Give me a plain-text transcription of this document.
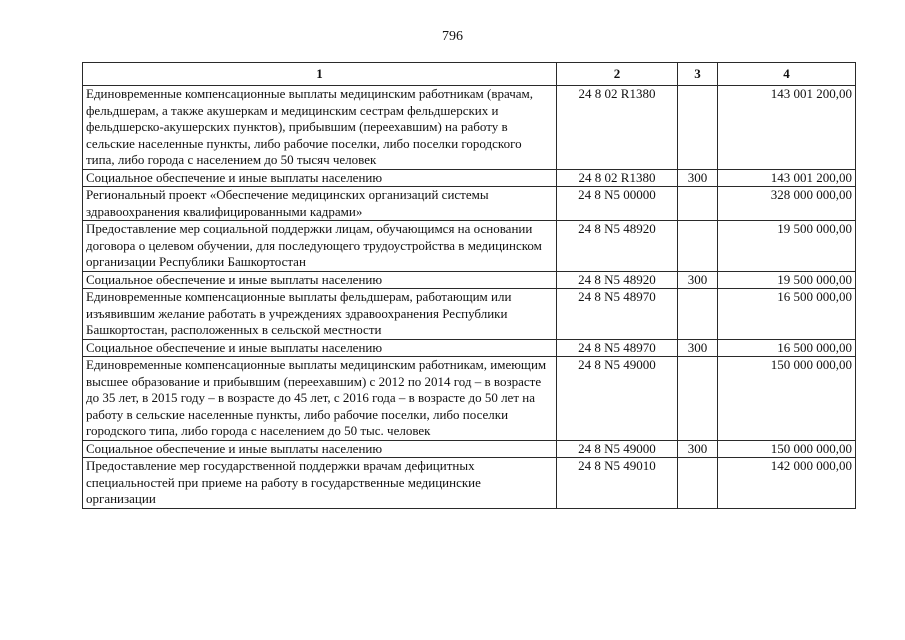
796
1	2	3	4
Единовременные компенсационные выплаты медицинским работникам (врачам, фельдшерам, а также акушеркам и медицинским сестрам фельдшерских и фельдшерско-акушерских пунктов), прибывшим (переехавшим) на работу в сельские населенные пункты, либо рабочие поселки, либо поселки городского типа, либо города с населением до 50 тысяч человек	24 8 02 R1380		143 001 200,00
Социальное обеспечение и иные выплаты населению	24 8 02 R1380	300	143 001 200,00
Региональный проект «Обеспечение медицинских организаций системы здравоохранения квалифицированными кадрами»	24 8 N5 00000		328 000 000,00
Предоставление мер социальной поддержки лицам, обучающимся на основании договора о целевом обучении, для последующего трудоустройства в медицинском организации Республики Башкортостан	24 8 N5 48920		19 500 000,00
Социальное обеспечение и иные выплаты населению	24 8 N5 48920	300	19 500 000,00
Единовременные компенсационные выплаты фельдшерам, работающим или изъявившим желание работать в учреждениях здравоохранения Республики Башкортостан, расположенных в сельской местности	24 8 N5 48970		16 500 000,00
Социальное обеспечение и иные выплаты населению	24 8 N5 48970	300	16 500 000,00
Единовременные компенсационные выплаты медицинским работникам, имеющим высшее образование и прибывшим (переехавшим) с 2012 по 2014 год – в возрасте до 35 лет, в 2015 году – в возрасте до 45 лет, с 2016 года – в возрасте до 50 лет на работу в сельские населенные пункты, либо рабочие поселки, либо поселки городского типа, либо города с населением до 50 тыс. человек	24 8 N5 49000		150 000 000,00
Социальное обеспечение и иные выплаты населению	24 8 N5 49000	300	150 000 000,00
Предоставление мер государственной поддержки врачам дефицитных специальностей при приеме на работу в государственные медицинские организации	24 8 N5 49010		142 000 000,00
